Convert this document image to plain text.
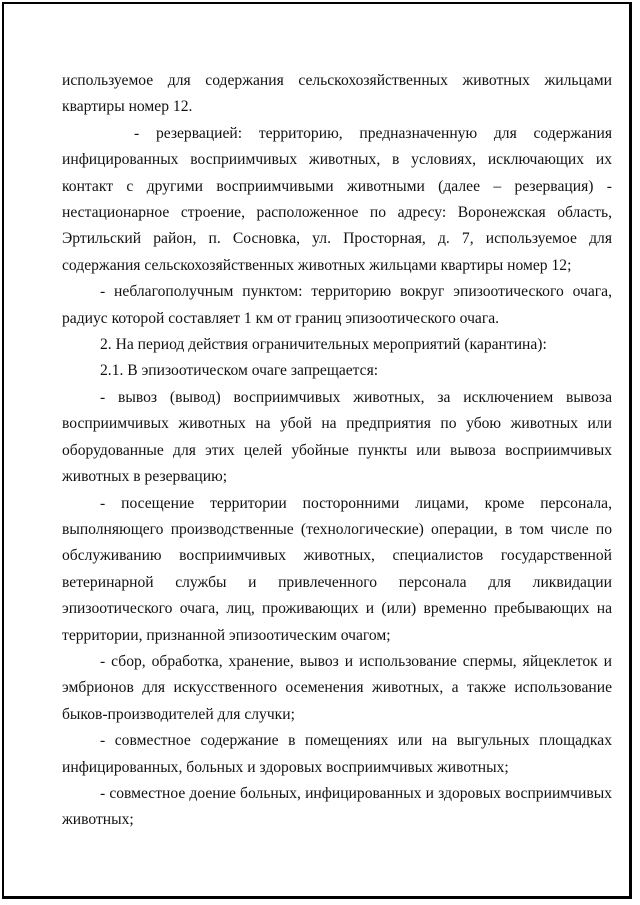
используемое для содержания сельскохозяйственных животных жильцами квартиры номер 12.

- резервацией: территорию, предназначенную для содержания инфицированных восприимчивых животных, в условиях, исключающих их контакт с другими восприимчивыми животными (далее – резервация) - нестационарное строение, расположенное по адресу: Воронежская область, Эртильский район, п. Сосновка, ул. Просторная, д. 7, используемое для содержания сельскохозяйственных животных жильцами квартиры номер 12;

- неблагополучным пунктом: территорию вокруг эпизоотического очага, радиус которой составляет 1 км от границ эпизоотического очага.

2. На период действия ограничительных мероприятий (карантина):

2.1. В эпизоотическом очаге запрещается:

- вывоз (вывод) восприимчивых животных, за исключением вывоза восприимчивых животных на убой на предприятия по убою животных или оборудованные для этих целей убойные пункты или вывоза восприимчивых животных в резервацию;

- посещение территории посторонними лицами, кроме персонала, выполняющего производственные (технологические) операции, в том числе по обслуживанию восприимчивых животных, специалистов государственной ветеринарной службы и привлеченного персонала для ликвидации эпизоотического очага, лиц, проживающих и (или) временно пребывающих на территории, признанной эпизоотическим очагом;

- сбор, обработка, хранение, вывоз и использование спермы, яйцеклеток и эмбрионов для искусственного осеменения животных, а также использование быков-производителей для случки;

- совместное содержание в помещениях или на выгульных площадках инфицированных, больных и здоровых восприимчивых животных;

- совместное доение больных, инфицированных и здоровых восприимчивых животных;
